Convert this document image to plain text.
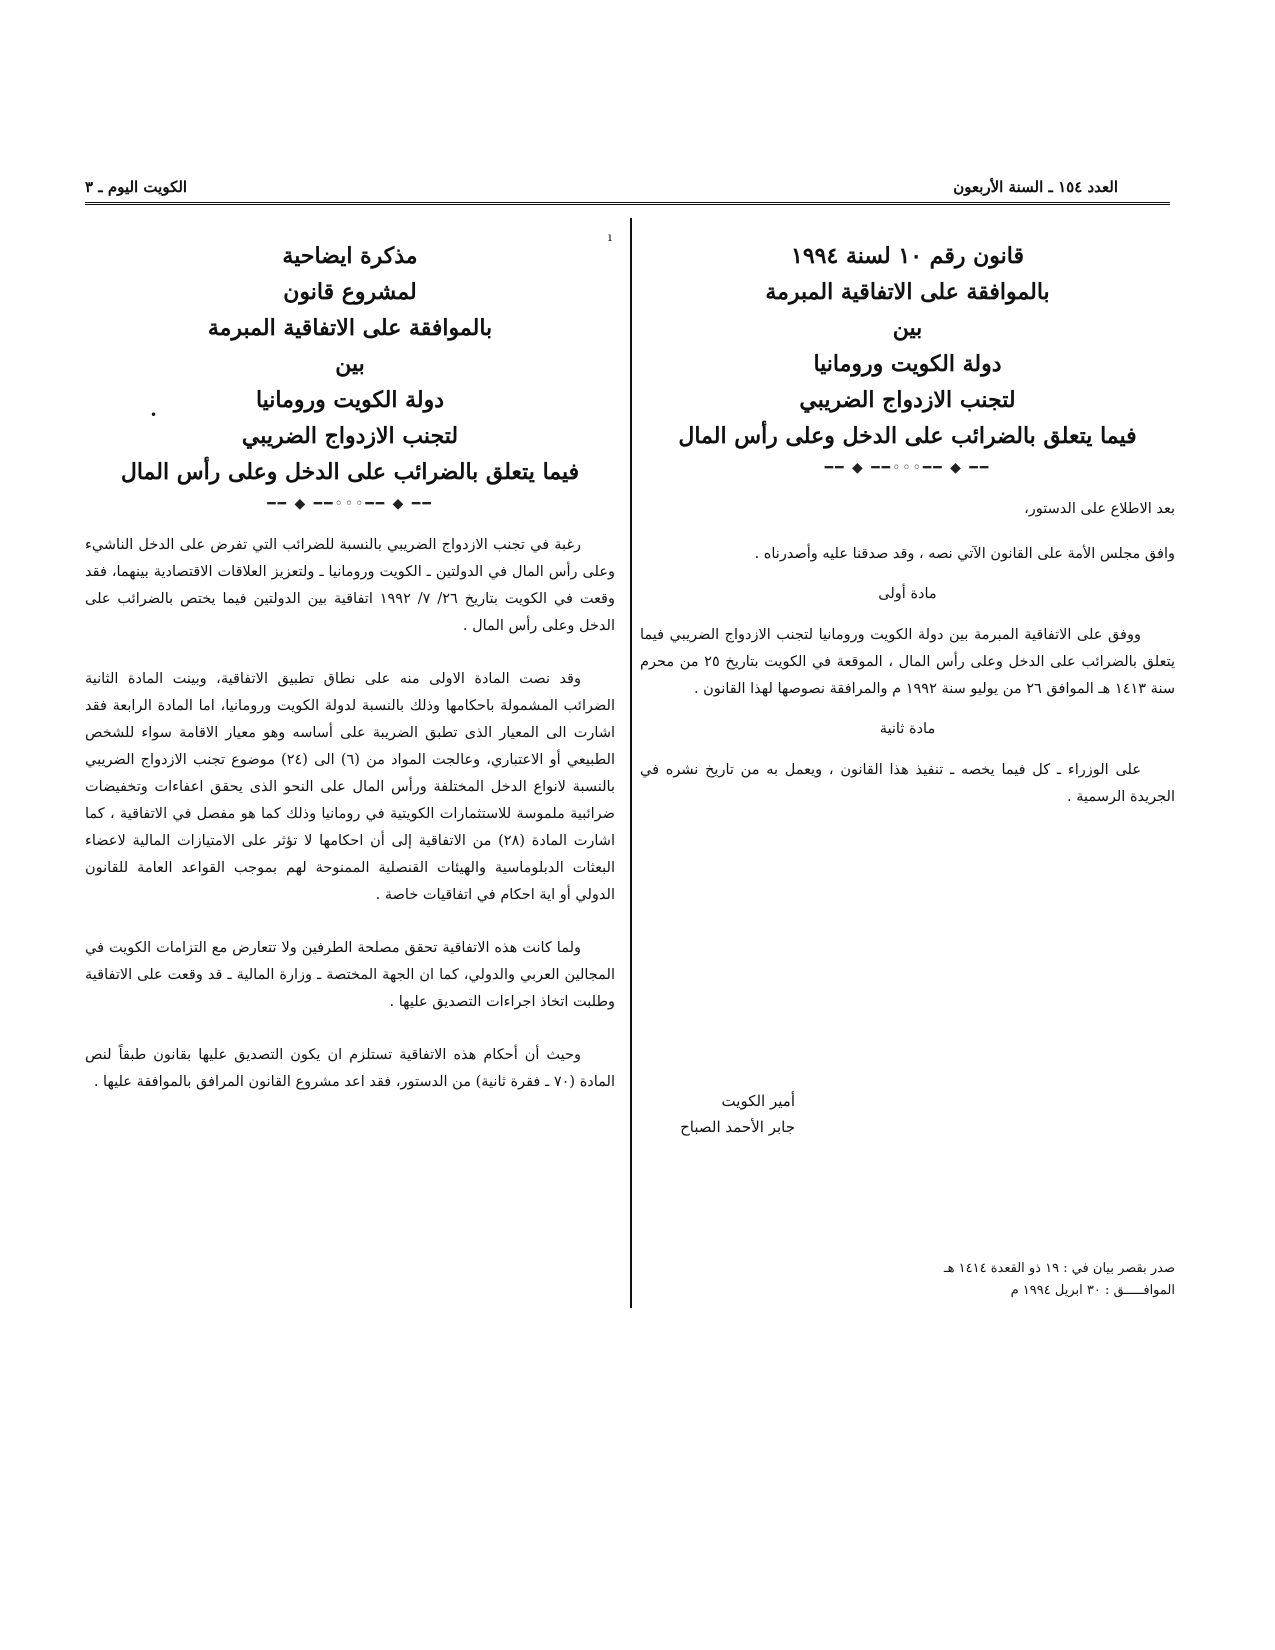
العدد ١٥٤ ـ السنة الأربعون
الكويت اليوم ـ ٣
قانون رقم ١٠ لسنة ١٩٩٤
بالموافقة على الاتفاقية المبرمة
بين
دولة الكويت ورومانيا
لتجنب الازدواج الضريبي
فيما يتعلق بالضرائب على الدخل وعلى رأس المال
━━ ◆ ━━◦◦◦━━ ◆ ━━

بعد الاطلاع على الدستور،

وافق مجلس الأمة على القانون الآتي نصه ، وقد صدقنا عليه وأصدرناه .

مادة أولى

ووفق على الاتفاقية المبرمة بين دولة الكويت ورومانيا لتجنب الازدواج الضريبي فيما يتعلق بالضرائب على الدخل وعلى رأس المال ، الموقعة في الكويت بتاريخ ٢٥ من محرم سنة ١٤١٣ هـ الموافق ٢٦ من يوليو سنة ١٩٩٢ م والمرافقة نصوصها لهذا القانون .

مادة ثانية

على الوزراء ـ كل فيما يخصه ـ تنفيذ هذا القانون ، ويعمل به من تاريخ نشره في الجريدة الرسمية .

أمير الكويت
جابر الأحمد الصباح
صدر بقصر بيان في : ١٩ ذو القعدة ١٤١٤ هـ
الموافـــــق : ٣٠ ابريل ١٩٩٤ م
مذكرة ايضاحية
لمشروع قانون
بالموافقة على الاتفاقية المبرمة
بين
دولة الكويت ورومانيا
لتجنب الازدواج الضريبي
فيما يتعلق بالضرائب على الدخل وعلى رأس المال
━━ ◆ ━━◦◦◦━━ ◆ ━━

رغبة في تجنب الازدواج الضريبي بالنسبة للضرائب التي تفرض على الدخل الناشيء وعلى رأس المال في الدولتين ـ الكويت ورومانيا ـ ولتعزيز العلاقات الاقتصادية بينهما، فقد وقعت في الكويت بتاريخ ٢٦/ ٧/ ١٩٩٢ اتفاقية بين الدولتين فيما يختص بالضرائب على الدخل وعلى رأس المال .

وقد نصت المادة الاولى منه على نطاق تطبيق الاتفاقية، وبينت المادة الثانية الضرائب المشمولة باحكامها وذلك بالنسبة لدولة الكويت ورومانيا، اما المادة الرابعة فقد اشارت الى المعيار الذى تطبق الضريبة على أساسه وهو معيار الاقامة سواء للشخص الطبيعي أو الاعتباري، وعالجت المواد من (٦) الى (٢٤) موضوع تجنب الازدواج الضريبي بالنسبة لانواع الدخل المختلفة ورأس المال على النحو الذى يحقق اعفاءات وتخفيضات ضرائبية ملموسة للاستثمارات الكويتية في رومانيا وذلك كما هو مفصل في الاتفاقية ، كما اشارت المادة (٢٨) من الاتفاقية إلى أن احكامها لا تؤثر على الامتيازات المالية لاعضاء البعثات الدبلوماسية والهيئات القنصلية الممنوحة لهم بموجب القواعد العامة للقانون الدولي أو اية احكام في اتفاقيات خاصة .

ولما كانت هذه الاتفاقية تحقق مصلحة الطرفين ولا تتعارض مع التزامات الكويت في المجالين العربي والدولي، كما ان الجهة المختصة ـ وزارة المالية ـ قد وقعت على الاتفاقية وطلبت اتخاذ اجراءات التصديق عليها .

وحيث أن أحكام هذه الاتفاقية تستلزم ان يكون التصديق عليها بقانون طبقاً لنص المادة (٧٠ ـ فقرة ثانية) من الدستور، فقد اعد مشروع القانون المرافق بالموافقة عليها .

•
ı
